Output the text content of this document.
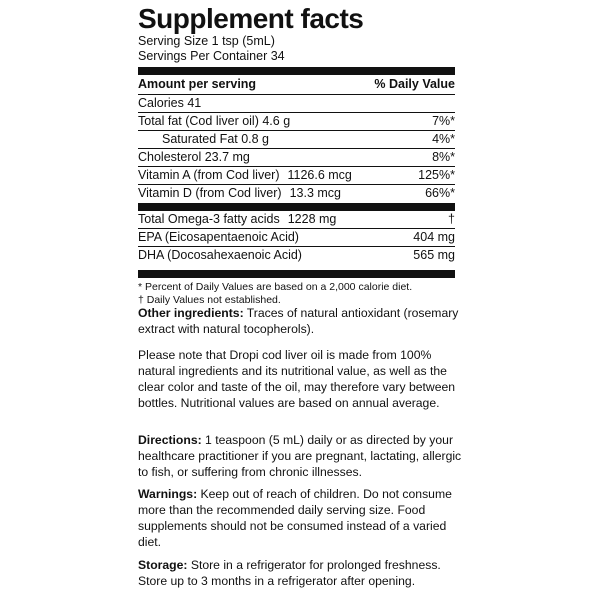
Supplement facts
Serving Size 1 tsp (5mL)
Servings Per Container 34
Amount per serving	% Daily Value
Calories 41
Total fat (Cod liver oil) 4.6 g	7%*
Saturated Fat 0.8 g	4%*
Cholesterol 23.7 mg	8%*
Vitamin A (from Cod liver) 1126.6 mcg	125%*
Vitamin D (from Cod liver) 13.3 mcg	66%*
Total Omega-3 fatty acids 1228 mg	†
EPA (Eicosapentaenoic Acid)	404 mg
DHA (Docosahexaenoic Acid)	565 mg
* Percent of Daily Values are based on a 2,000 calorie diet.
† Daily Values not established.
Other ingredients: Traces of natural antioxidant (rosemary extract with natural tocopherols).
Please note that Dropi cod liver oil is made from 100% natural ingredients and its nutritional value, as well as the clear color and taste of the oil, may therefore vary between bottles. Nutritional values are based on annual average.
Directions: 1 teaspoon (5 mL) daily or as directed by your healthcare practitioner if you are pregnant, lactating, allergic to fish, or suffering from chronic illnesses.
Warnings: Keep out of reach of children. Do not consume more than the recommended daily serving size. Food supplements should not be consumed instead of a varied diet.
Storage: Store in a refrigerator for prolonged freshness. Store up to 3 months in a refrigerator after opening.
